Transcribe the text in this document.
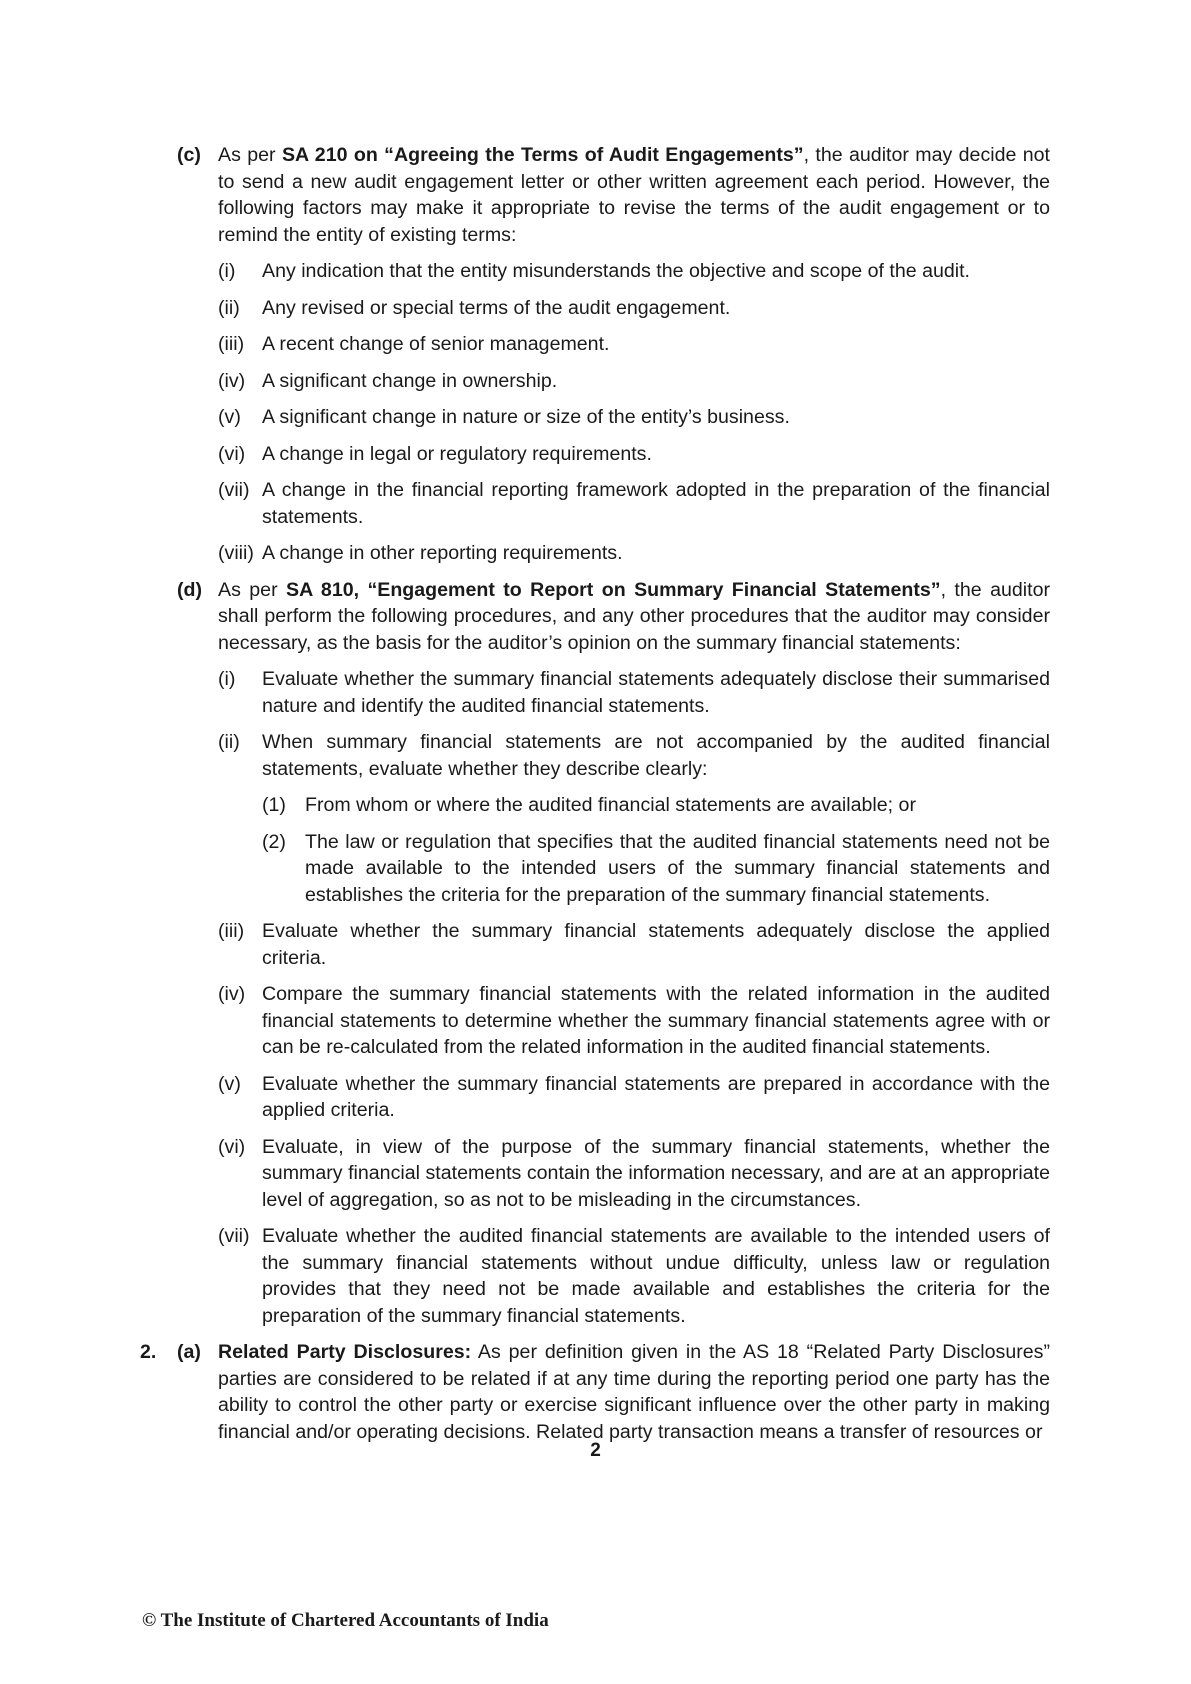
(c) As per SA 210 on “Agreeing the Terms of Audit Engagements”, the auditor may decide not to send a new audit engagement letter or other written agreement each period. However, the following factors may make it appropriate to revise the terms of the audit engagement or to remind the entity of existing terms:
(i)	Any indication that the entity misunderstands the objective and scope of the audit.
(ii)	Any revised or special terms of the audit engagement.
(iii) A recent change of senior management.
(iv) A significant change in ownership.
(v)	A significant change in nature or size of the entity’s business.
(vi) A change in legal or regulatory requirements.
(vii) A change in the financial reporting framework adopted in the preparation of the financial statements.
(viii) A change in other reporting requirements.
(d) As per SA 810, “Engagement to Report on Summary Financial Statements”, the auditor shall perform the following procedures, and any other procedures that the auditor may consider necessary, as the basis for the auditor’s opinion on the summary financial statements:
(i)	Evaluate whether the summary financial statements adequately disclose their summarised nature and identify the audited financial statements.
(ii)	When summary financial statements are not accompanied by the audited financial statements, evaluate whether they describe clearly:
(1) From whom or where the audited financial statements are available; or
(2) The law or regulation that specifies that the audited financial statements need not be made available to the intended users of the summary financial statements and establishes the criteria for the preparation of the summary financial statements.
(iii) Evaluate whether the summary financial statements adequately disclose the applied criteria.
(iv) Compare the summary financial statements with the related information in the audited financial statements to determine whether the summary financial statements agree with or can be re-calculated from the related information in the audited financial statements.
(v)	Evaluate whether the summary financial statements are prepared in accordance with the applied criteria.
(vi) Evaluate, in view of the purpose of the summary financial statements, whether the summary financial statements contain the information necessary, and are at an appropriate level of aggregation, so as not to be misleading in the circumstances.
(vii) Evaluate whether the audited financial statements are available to the intended users of the summary financial statements without undue difficulty, unless law or regulation provides that they need not be made available and establishes the criteria for the preparation of the summary financial statements.
2.	(a) Related Party Disclosures: As per definition given in the AS 18 “Related Party Disclosures” parties are considered to be related if at any time during the reporting period one party has the ability to control the other party or exercise significant influence over the other party in making financial and/or operating decisions. Related party transaction means a transfer of resources or
2
© The Institute of Chartered Accountants of India
